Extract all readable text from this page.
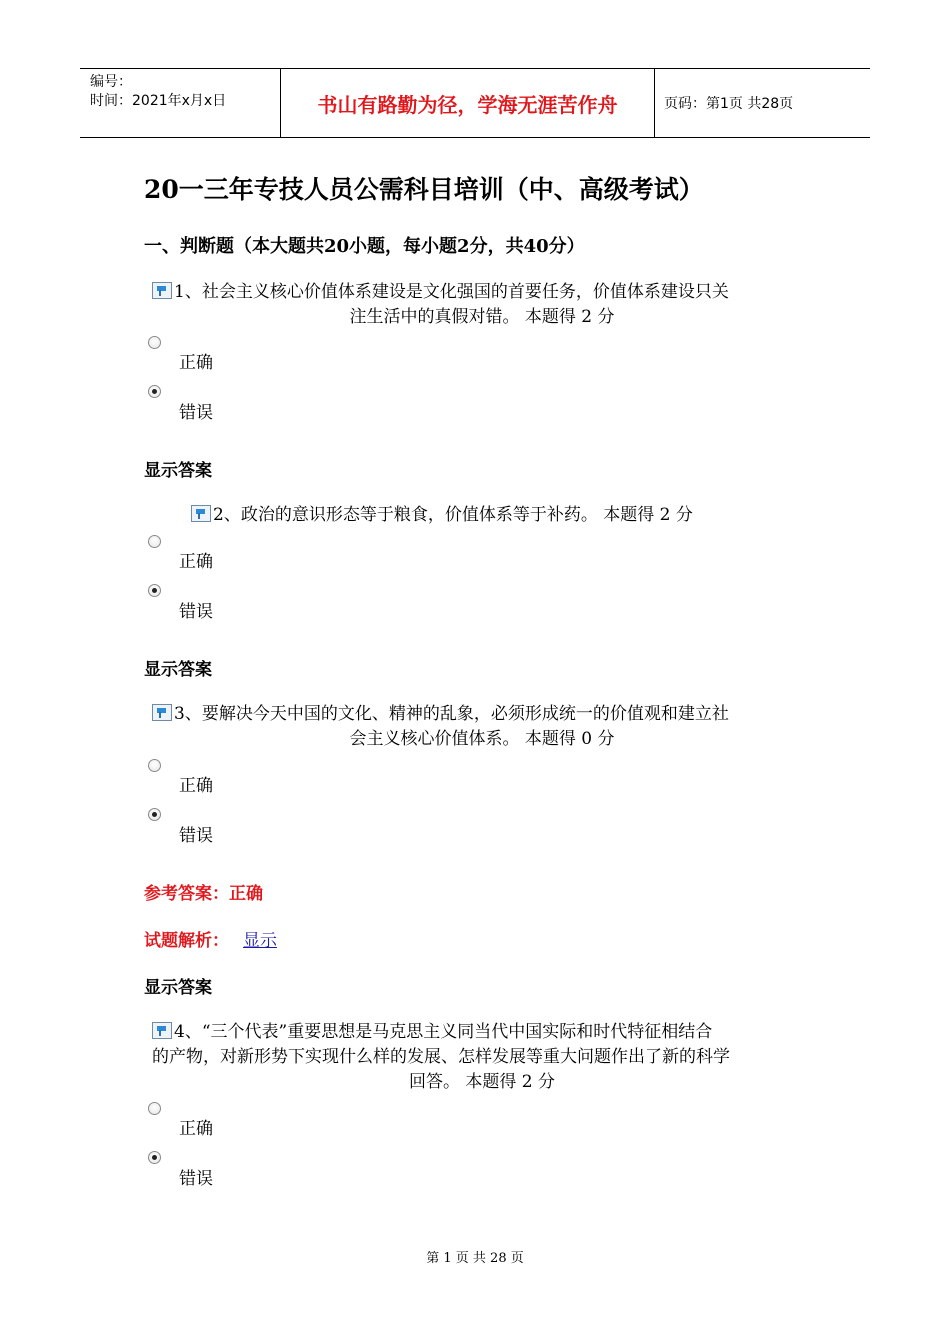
编号：
时间：2021年x月x日	书山有路勤为径，学海无涯苦作舟	页码：第1页 共28页
20一三年专技人员公需科目培训（中、高级考试）
一、判断题（本大题共20小题，每小题2分，共40分）
1、社会主义核心价值体系建设是文化强国的首要任务，价值体系建设只关
注生活中的真假对错。 本题得 2 分
正确
错误
显示答案
2、政治的意识形态等于粮食，价值体系等于补药。 本题得 2 分
正确
错误
显示答案
3、要解决今天中国的文化、精神的乱象，必须形成统一的价值观和建立社
会主义核心价值体系。 本题得 0 分
正确
错误
参考答案：正确
试题解析： 显示
显示答案
4、“三个代表”重要思想是马克思主义同当代中国实际和时代特征相结合
的产物，对新形势下实现什么样的发展、怎样发展等重大问题作出了新的科学
回答。 本题得 2 分
正确
错误
第 1 页 共 28 页
